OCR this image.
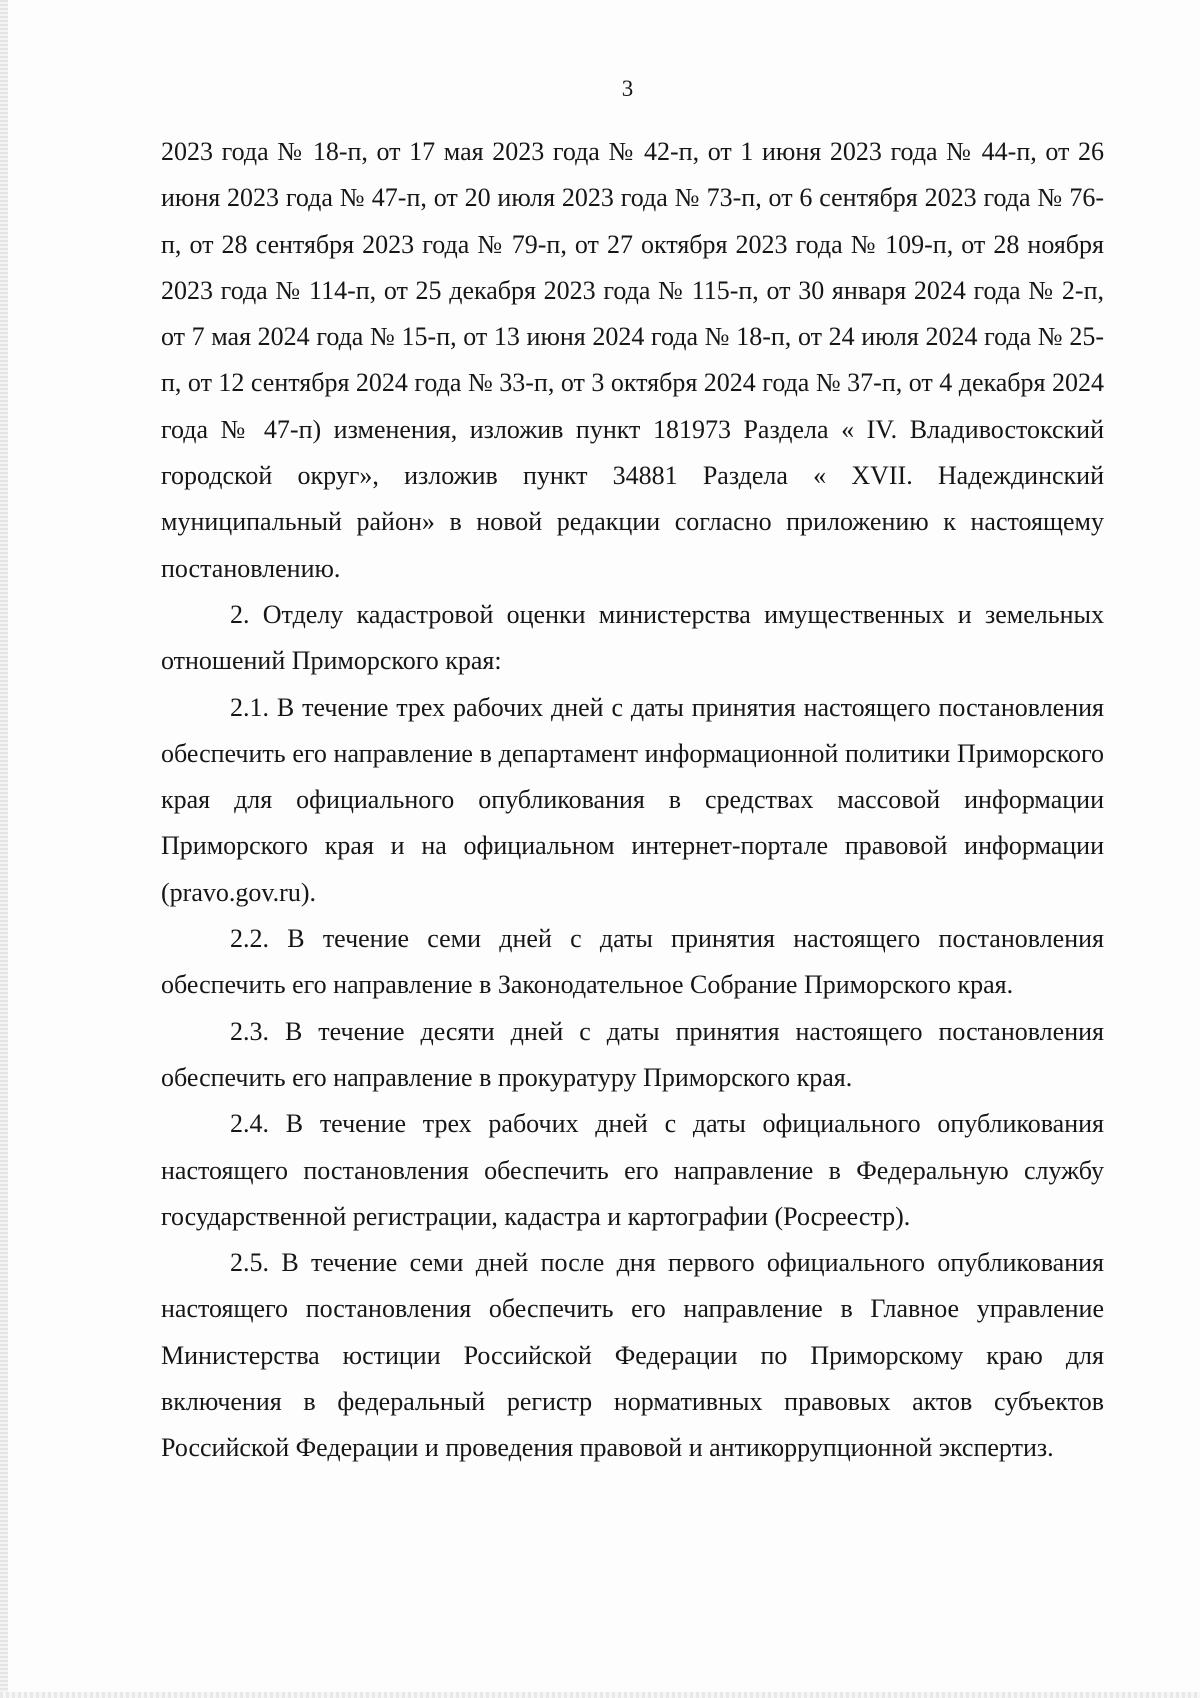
3

2023 года № 18-п, от 17 мая 2023 года № 42-п, от 1 июня 2023 года № 44-п, от 26 июня 2023 года № 47-п, от 20 июля 2023 года № 73-п, от 6 сентября 2023 года № 76-п, от 28 сентября 2023 года № 79-п, от 27 октября 2023 года № 109-п, от 28 ноября 2023 года № 114-п, от 25 декабря 2023 года № 115-п, от 30 января 2024 года № 2-п, от 7 мая 2024 года № 15-п, от 13 июня 2024 года № 18-п, от 24 июля 2024 года № 25-п, от 12 сентября 2024 года № 33-п, от 3 октября 2024 года № 37-п, от 4 декабря 2024 года № 47-п) изменения, изложив пункт 181973 Раздела « IV. Владивостокский городской округ», изложив пункт 34881 Раздела « XVII. Надеждинский муниципальный район» в новой редакции согласно приложению к настоящему постановлению.

2. Отделу кадастровой оценки министерства имущественных и земельных отношений Приморского края:

2.1. В течение трех рабочих дней с даты принятия настоящего постановления обеспечить его направление в департамент информационной политики Приморского края для официального опубликования в средствах массовой информации Приморского края и на официальном интернет-портале правовой информации (pravo.gov.ru).

2.2. В течение семи дней с даты принятия настоящего постановления обеспечить его направление в Законодательное Собрание Приморского края.

2.3. В течение десяти дней с даты принятия настоящего постановления обеспечить его направление в прокуратуру Приморского края.

2.4. В течение трех рабочих дней с даты официального опубликования настоящего постановления обеспечить его направление в Федеральную службу государственной регистрации, кадастра и картографии (Росреестр).

2.5. В течение семи дней после дня первого официального опубликования настоящего постановления обеспечить его направление в Главное управление Министерства юстиции Российской Федерации по Приморскому краю для включения в федеральный регистр нормативных правовых актов субъектов Российской Федерации и проведения правовой и антикоррупционной экспертиз.
